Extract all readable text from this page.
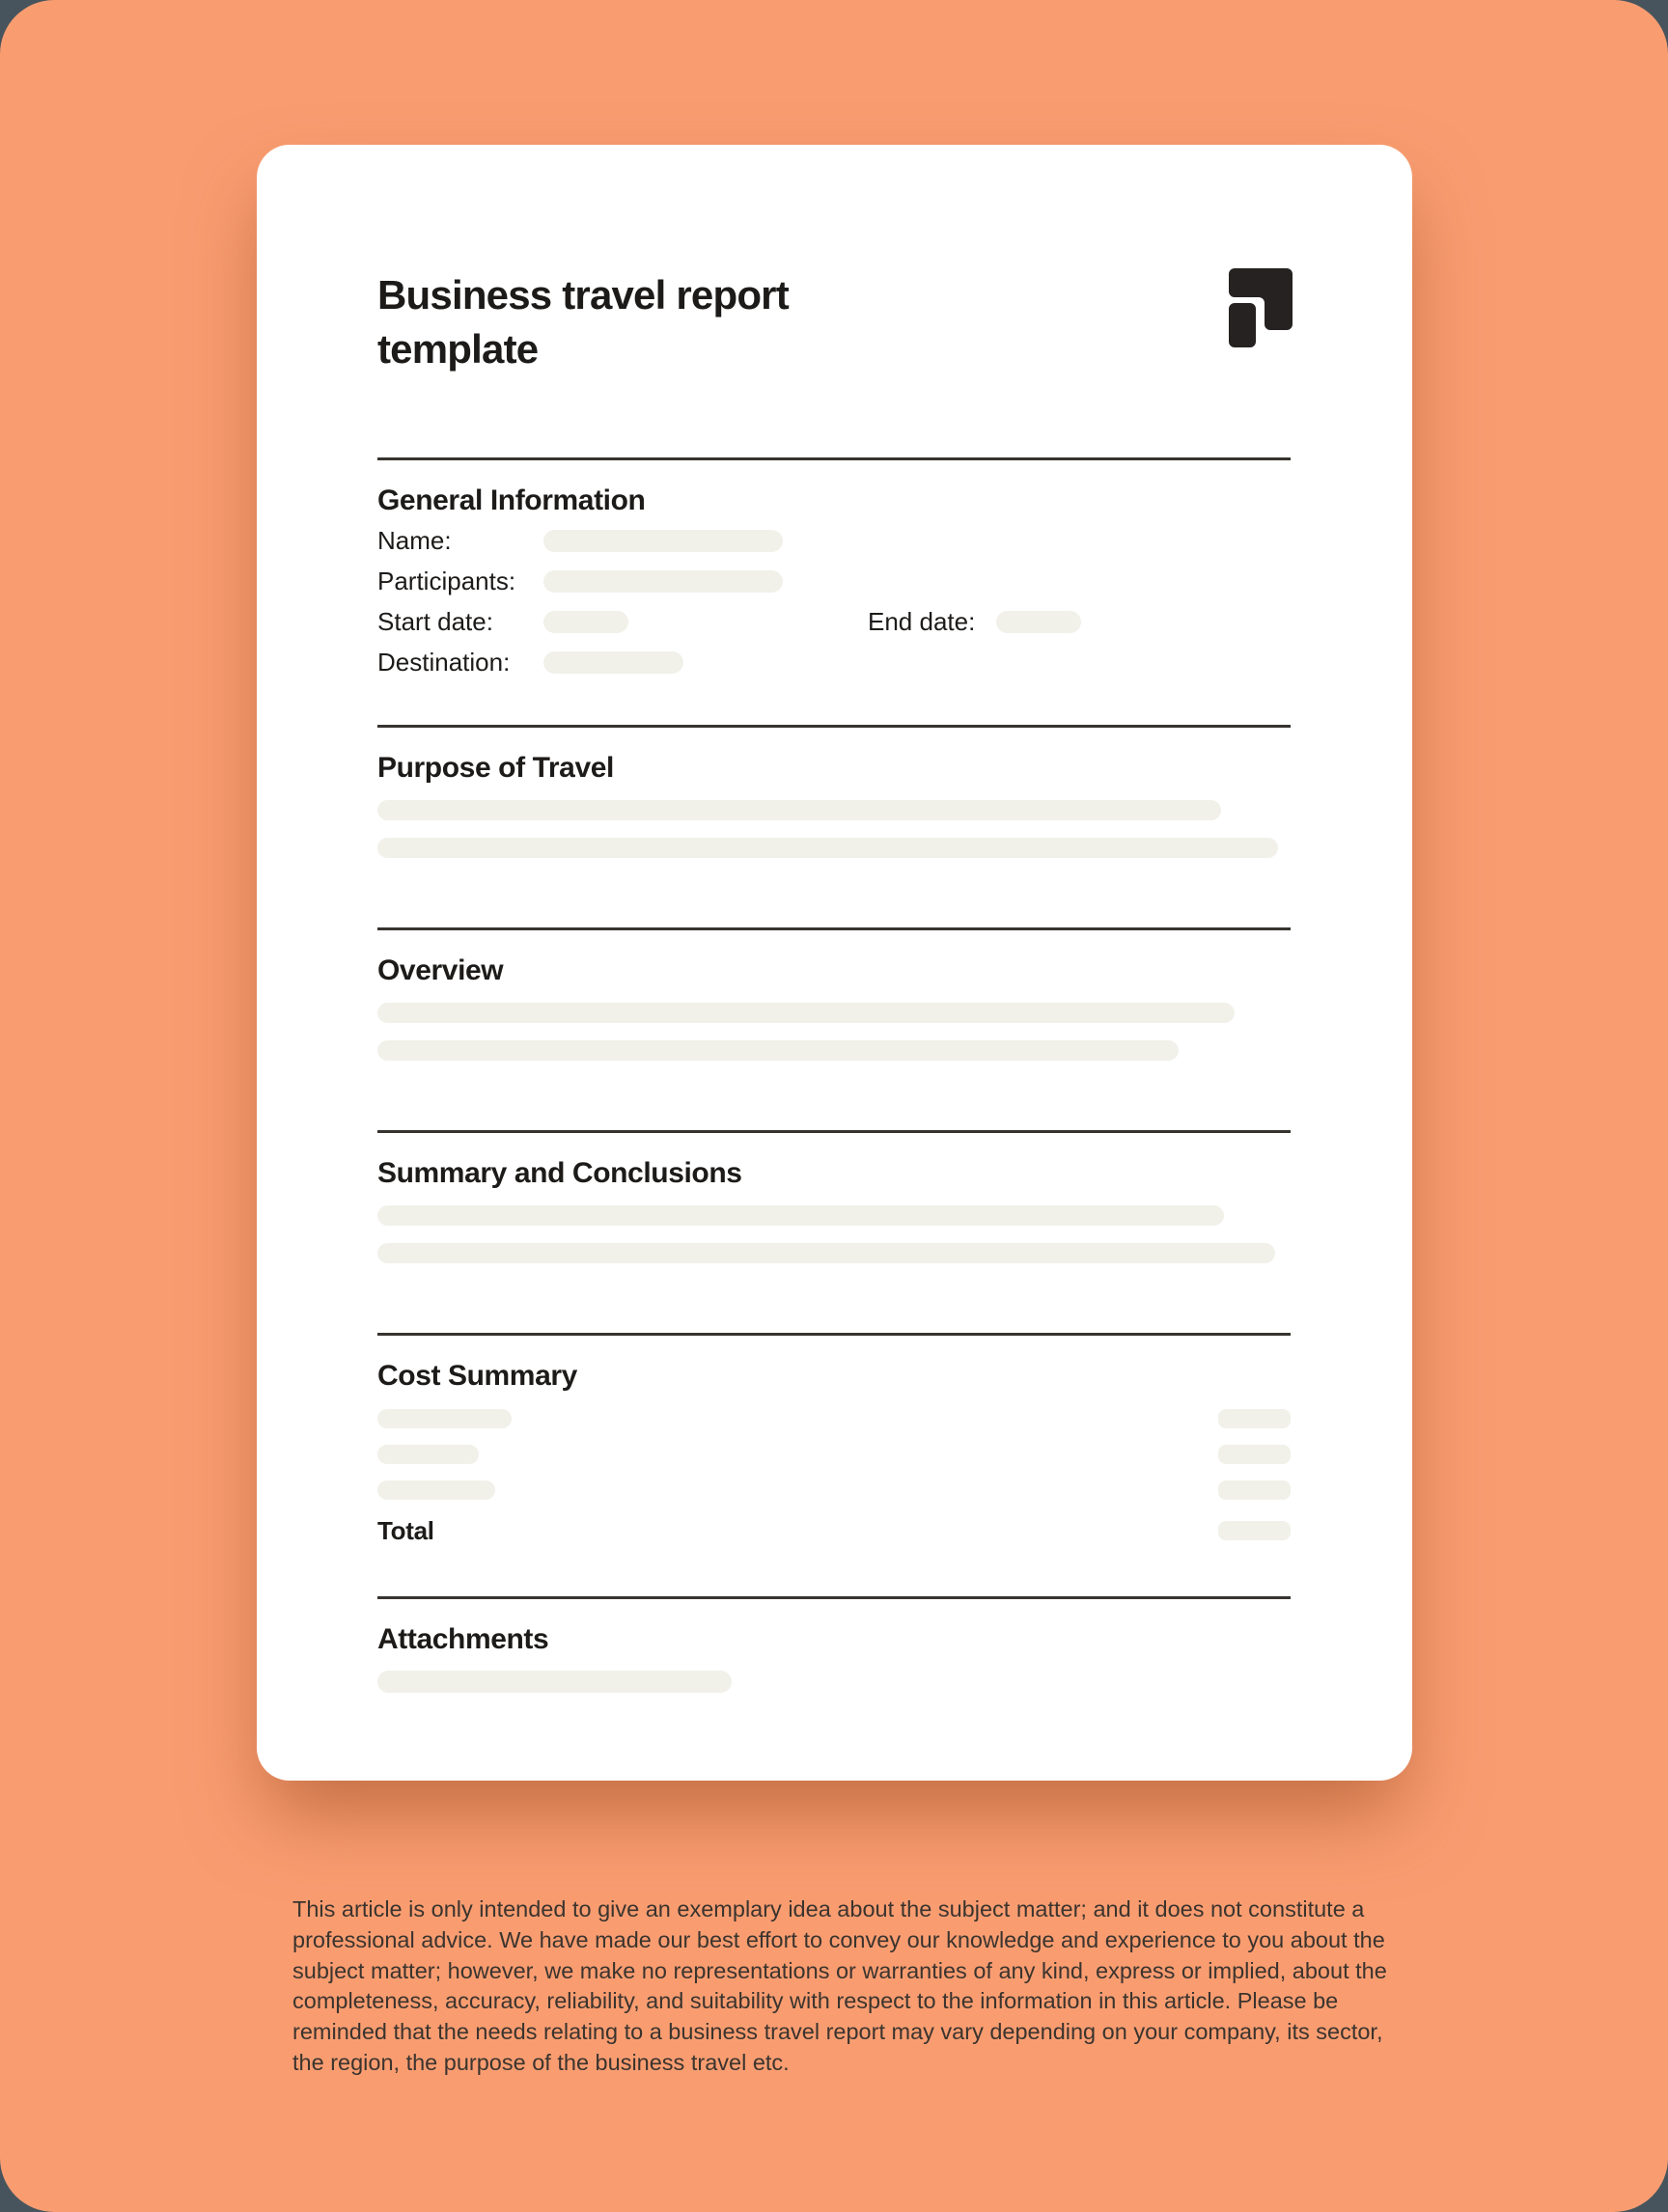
Business travel report template
General Information
Name:
Participants:
Start date:	End date:
Destination:
Purpose of Travel
Overview
Summary and Conclusions
Cost Summary
Total
Attachments

This article is only intended to give an exemplary idea about the subject matter; and it does not constitute a professional advice. We have made our best effort to convey our knowledge and experience to you about the subject matter; however, we make no representations or warranties of any kind, express or implied, about the completeness, accuracy, reliability, and suitability with respect to the information in this article. Please be reminded that the needs relating to a business travel report may vary depending on your company, its sector, the region, the purpose of the business travel etc.
